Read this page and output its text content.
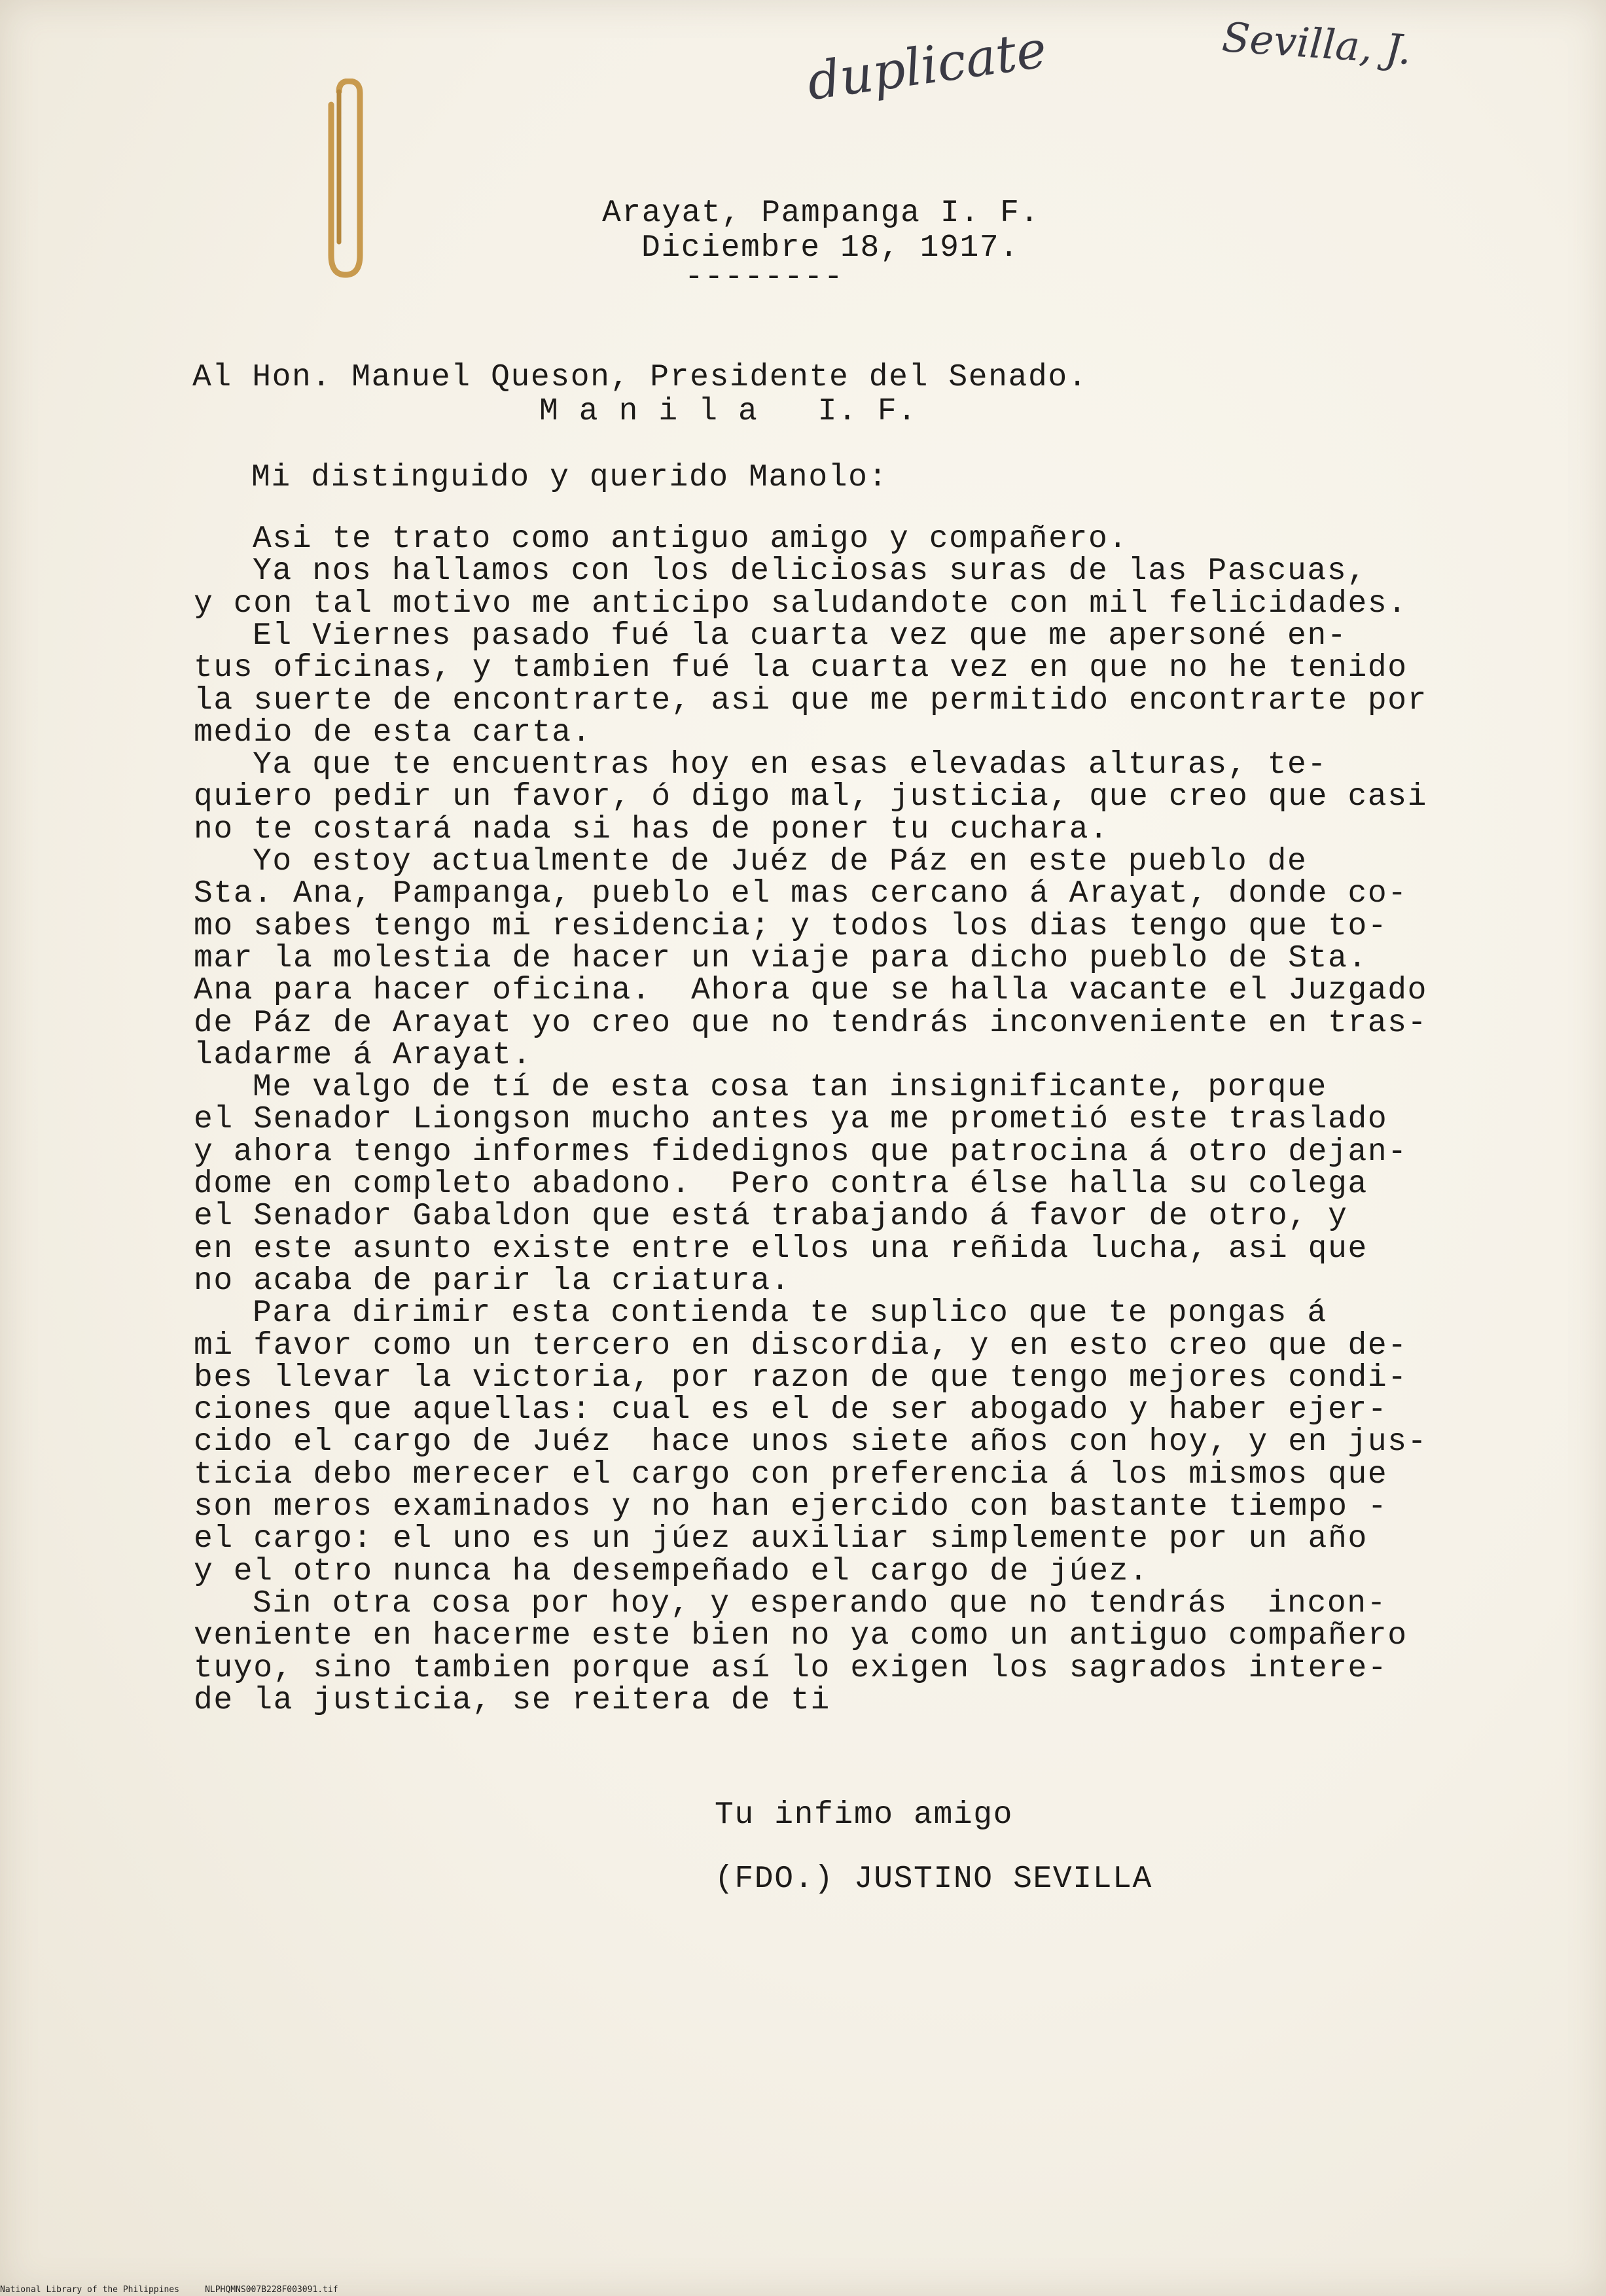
duplicate	Sevilla, J.
Arayat, Pampanga I. F.
Diciembre 18, 1917.
--------
Al Hon. Manuel Queson, Presidente del Senado.
M a n i l a   I. F.
Mi distinguido y querido Manolo:
Asi te trato como antiguo amigo y compañero.
Ya nos hallamos con los deliciosas suras de las Pascuas,
y con tal motivo me anticipo saludandote con mil felicidades.
El Viernes pasado fué la cuarta vez que me apersoné en-
tus oficinas, y tambien fué la cuarta vez en que no he tenido
la suerte de encontrarte, asi que me permitido encontrarte por
medio de esta carta.
Ya que te encuentras hoy en esas elevadas alturas, te-
quiero pedir un favor, ó digo mal, justicia, que creo que casi
no te costará nada si has de poner tu cuchara.
Yo estoy actualmente de Juéz de Páz en este pueblo de
Sta. Ana, Pampanga, pueblo el mas cercano á Arayat, donde co-
mo sabes tengo mi residencia; y todos los dias tengo que to-
mar la molestia de hacer un viaje para dicho pueblo de Sta.
Ana para hacer oficina.  Ahora que se halla vacante el Juzgado
de Páz de Arayat yo creo que no tendrás inconveniente en tras-
ladarme á Arayat.
Me valgo de tí de esta cosa tan insignificante, porque
el Senador Liongson mucho antes ya me prometió este traslado
y ahora tengo informes fidedignos que patrocina á otro dejan-
dome en completo abadono.  Pero contra élse halla su colega
el Senador Gabaldon que está trabajando á favor de otro, y
en este asunto existe entre ellos una reñida lucha, asi que
no acaba de parir la criatura.
Para dirimir esta contienda te suplico que te pongas á
mi favor como un tercero en discordia, y en esto creo que de-
bes llevar la victoria, por razon de que tengo mejores condi-
ciones que aquellas: cual es el de ser abogado y haber ejer-
cido el cargo de Juéz  hace unos siete años con hoy, y en jus-
ticia debo merecer el cargo con preferencia á los mismos que
son meros examinados y no han ejercido con bastante tiempo -
el cargo: el uno es un júez auxiliar simplemente por un año
y el otro nunca ha desempeñado el cargo de júez.
Sin otra cosa por hoy, y esperando que no tendrás  incon-
veniente en hacerme este bien no ya como un antiguo compañero
tuyo, sino tambien porque así lo exigen los sagrados intere-
de la justicia, se reitera de ti
Tu infimo amigo
(FDO.) JUSTINO SEVILLA
National Library of the Philippines	NLPHQMNS007B228F003091.tif
